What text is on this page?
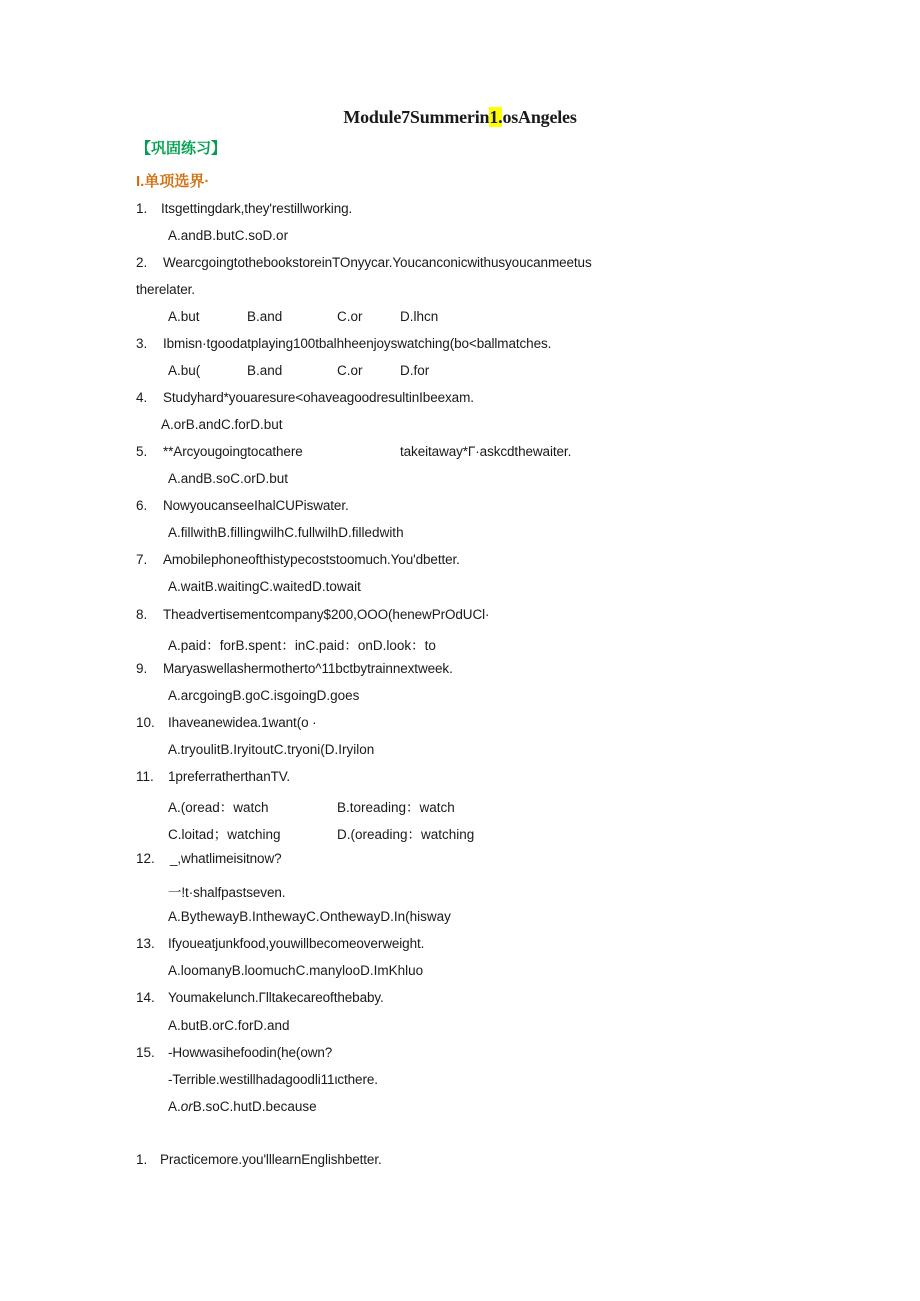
Module7Summerin1.osAngeles
【巩固练习】
I.单项选界·
1. Itsgettingdark,they'restillworking.
A.andB.butC.soD.or
2. WearcgoingtothebookstoreinTOnyycar.Youcanconicwithusyoucanmeetus
therelater.
A.but	B.and	C.or	D.lhcn
3. Ibmisn·tgoodatplaying100tbalhheenjoyswatching(bo<ballmatches.
A.bu(	B.and	C.or	D.for
4. Studyhard*youaresure<ohaveagoodresultinIbeexam.
A.orB.andC.forD.but
5. **Arcyougoingtocathere	takeitaway*Γ·askcdthewaiter.
A.andB.soC.orD.but
6. NowyoucanseeIhalCUPiswater.
A.fillwithB.fillingwilhC.fullwilhD.filledwith
7. Amobilephoneofthistypecoststoomuch.You'dbetter.
A.waitB.waitingC.waitedD.towait
8. Theadvertisementcompany$200,OOO(henewPrOdUCl·
A.paid：forB.spent：inC.paid：onD.look：to
9. Maryaswellashermotherto^11bctbytrainnextweek.
A.arcgoingB.goC.isgoingD.goes
10. Ihaveanewidea.1want(o ·
A.tryoulitB.IryitoutC.tryoni(D.Iryilon
11. 1preferratherthanTV.
A.(oread：watch	B.toreading：watch
C.loitad；watching	D.(oreading：watching
12. _,whatlimeisitnow?
一!t·shalfpastseven.
A.BythewayB.InthewayC.OnthewayD.In(hisway
13. Ifyoueatjunkfood,youwillbecomeoverweight.
A.loomanyB.loomuchC.manylooD.ImKhluo
14. Youmakelunch.Γlltakecareofthebaby.
A.butB.orC.forD.and
15. -Howwasihefoodin(he(own?
-Terrible.westillhadagoodli11ιcthere.
A.orB.soC.hutD.because
1. Practicemore.you'lllearnEnglishbetter.
